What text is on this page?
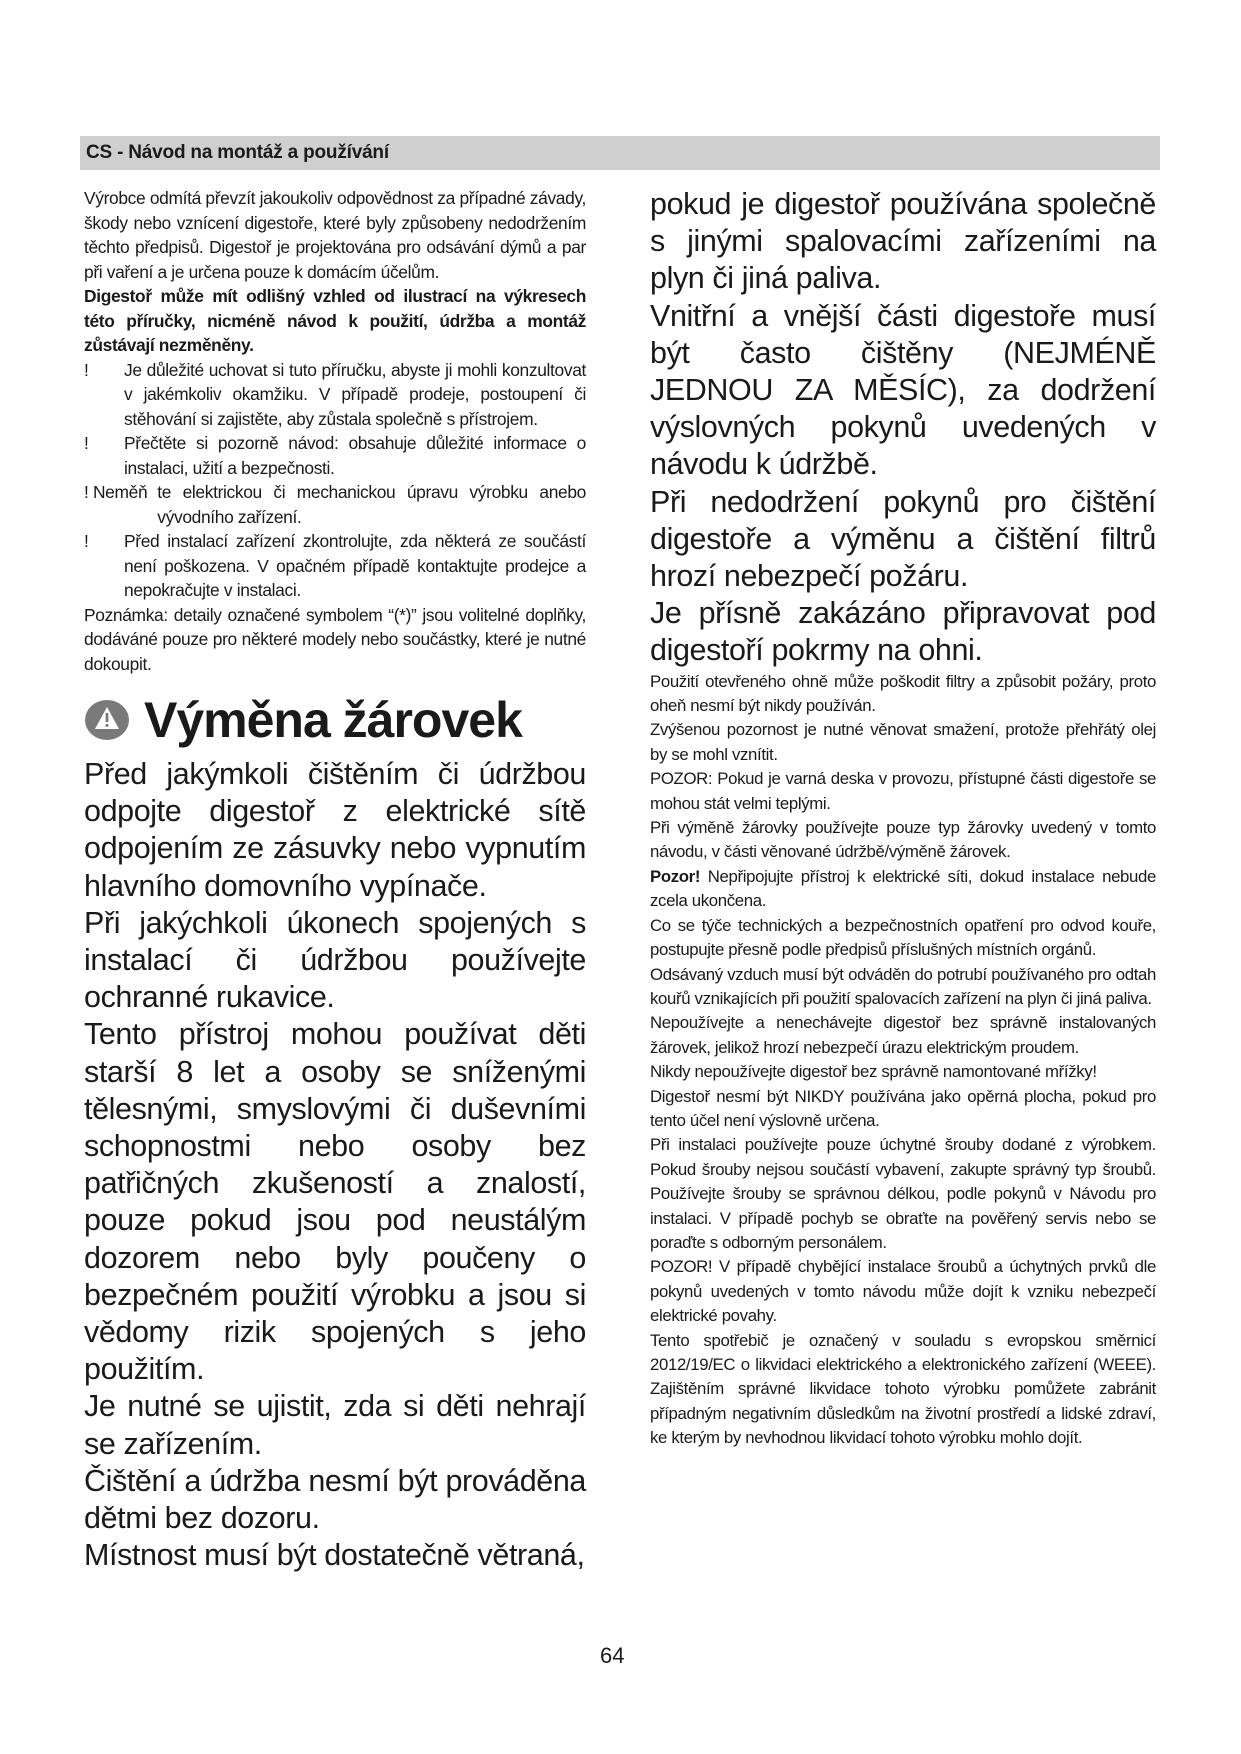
CS - Návod na montáž a používání

Výrobce odmítá převzít jakoukoliv odpovědnost za případné závady, škody nebo vznícení digestoře, které byly způsobeny nedodržením těchto předpisů. Digestoř je projektována pro odsávání dýmů a par při vaření a je určena pouze k domácím účelům.

Digestoř může mít odlišný vzhled od ilustrací na výkresech této příručky, nicméně návod k použití, údržba a montáž zůstávají nezměněny.

!	Je důležité uchovat si tuto příručku, abyste ji mohli konzultovat v jakémkoliv okamžiku. V případě prodeje, postoupení či stěhování si zajistěte, aby zůstala společně s přístrojem.
!	Přečtěte si pozorně návod: obsahuje důležité informace o instalaci, užití a bezpečnosti.
! Neměň te elektrickou či mechanickou úpravu výrobku anebo vývodního zařízení.
!	Před instalací zařízení zkontrolujte, zda některá ze součástí není poškozena. V opačném případě kontaktujte prodejce a nepokračujte v instalaci.

Poznámka: detaily označené symbolem “(*)” jsou volitelné doplňky, dodáváné pouze pro některé modely nebo součástky, které je nutné dokoupit.

Výměna žárovek

Před jakýmkoli čištěním či údržbou odpojte digestoř z elektrické sítě odpojením ze zásuvky nebo vypnutím hlavního domovního vypínače.

Při jakýchkoli úkonech spojených s instalací či údržbou používejte ochranné rukavice.

Tento přístroj mohou používat děti starší 8 let a osoby se sníženými tělesnými, smyslovými či duševními schopnostmi nebo osoby bez patřičných zkušeností a znalostí, pouze pokud jsou pod neustálým dozorem nebo byly poučeny o bezpečném použití výrobku a jsou si vědomy rizik spojených s jeho použitím.

Je nutné se ujistit, zda si děti nehrají se zařízením.

Čištění a údržba nesmí být prováděna dětmi bez dozoru.

Místnost musí být dostatečně větraná,

pokud je digestoř používána společně s jinými spalovacími zařízeními na plyn či jiná paliva.

Vnitřní a vnější části digestoře musí být často čištěny (NEJMÉNĚ JEDNOU ZA MĚSÍC), za dodržení výslovných pokynů uvedených v návodu k údržbě.

Při nedodržení pokynů pro čištění digestoře a výměnu a čištění filtrů hrozí nebezpečí požáru.

Je přísně zakázáno připravovat pod digestoří pokrmy na ohni.

Použití otevřeného ohně může poškodit filtry a způsobit požáry, proto oheň nesmí být nikdy používán.

Zvýšenou pozornost je nutné věnovat smažení, protože přehřátý olej by se mohl vznítit.

POZOR: Pokud je varná deska v provozu, přístupné části digestoře se mohou stát velmi teplými.

Při výměně žárovky používejte pouze typ žárovky uvedený v tomto návodu, v části věnované údržbě/výměně žárovek.

Pozor! Nepřipojujte přístroj k elektrické síti, dokud instalace nebude zcela ukončena.

Co se týče technických a bezpečnostních opatření pro odvod kouře, postupujte přesně podle předpisů příslušných místních orgánů.

Odsávaný vzduch musí být odváděn do potrubí používaného pro odtah kouřů vznikajících při použití spalovacích zařízení na plyn či jiná paliva.

Nepoužívejte a nenechávejte digestoř bez správně instalovaných žárovek, jelikož hrozí nebezpečí úrazu elektrickým proudem.

Nikdy nepoužívejte digestoř bez správně namontované mřížky!

Digestoř nesmí být NIKDY používána jako opěrná plocha, pokud pro tento účel není výslovně určena.

Při instalaci používejte pouze úchytné šrouby dodané z výrobkem. Pokud šrouby nejsou součástí vybavení, zakupte správný typ šroubů. Používejte šrouby se správnou délkou, podle pokynů v Návodu pro instalaci. V případě pochyb se obraťte na pověřený servis nebo se poraďte s odborným personálem.

POZOR! V případě chybějící instalace šroubů a úchytných prvků dle pokynů uvedených v tomto návodu může dojít k vzniku nebezpečí elektrické povahy.

Tento spotřebič je označený v souladu s evropskou směrnicí 2012/19/EC o likvidaci elektrického a elektronického zařízení (WEEE). Zajištěním správné likvidace tohoto výrobku pomůžete zabránit případným negativním důsledkům na životní prostředí a lidské zdraví, ke kterým by nevhodnou likvidací tohoto výrobku mohlo dojít.

64
